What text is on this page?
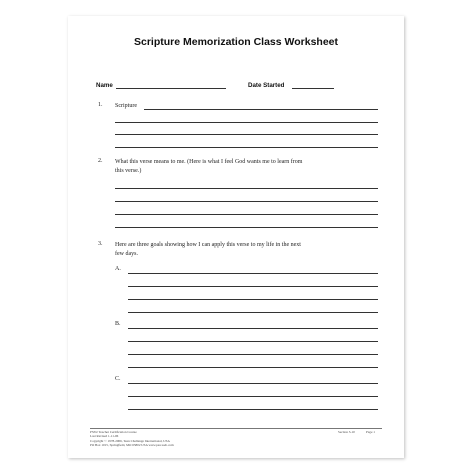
Scripture Memorization Class Worksheet
Name	Date Started
1. Scripture
2. What this verse means to me. (Here is what I feel God wants me to learn from
this verse.)
3. Here are three goals showing how I can apply this verse to my life in the next
few days.
A.
B.
C.
PSSU Teacher Certification Course
Last Revised 1-11-06
Copyright © 1978-2006, Teen Challenge International, USA
PO Box 1015, Springfield, MO 65802 USA www.psu.web.com
Section 3-10	Page 1
